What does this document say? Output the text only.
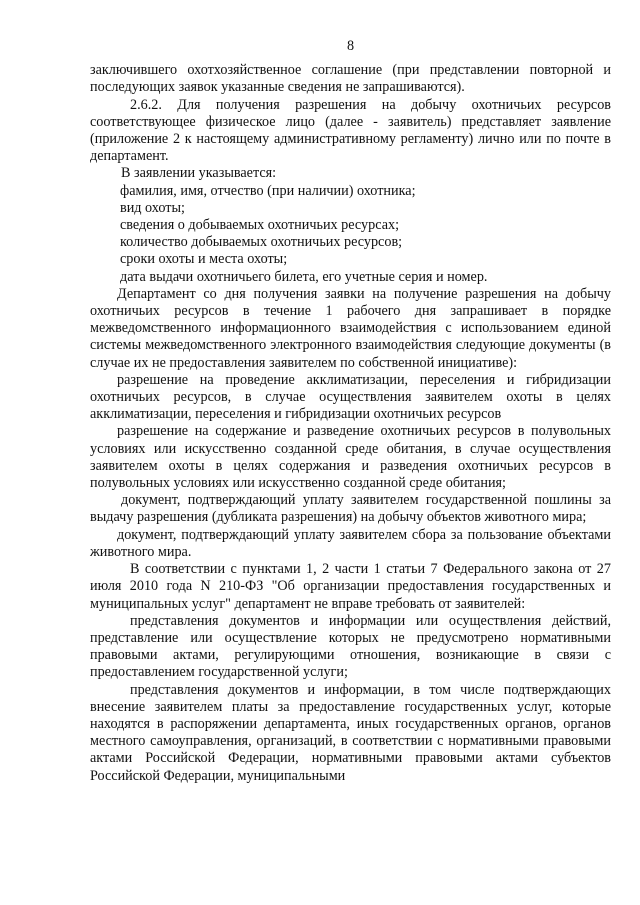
8

заключившего охотхозяйственное соглашение (при представлении повторной и последующих заявок указанные сведения не запрашиваются).

2.6.2. Для получения разрешения на добычу охотничьих ресурсов соответствующее физическое лицо (далее - заявитель) представляет заявление (приложение 2 к настоящему административному регламенту) лично или по почте в департамент.

В заявлении указывается:

фамилия, имя, отчество (при наличии) охотника;
вид охоты;
сведения о добываемых охотничьих ресурсах;
количество добываемых охотничьих ресурсов;
сроки охоты и места охоты;
дата выдачи охотничьего билета, его учетные серия и номер.

Департамент со дня получения заявки на получение разрешения на добычу охотничьих ресурсов в течение 1 рабочего дня запрашивает в порядке межведомственного информационного взаимодействия с использованием единой системы межведомственного электронного взаимодействия следующие документы (в случае их не предоставления заявителем по собственной инициативе):

разрешение на проведение акклиматизации, переселения и гибридизации охотничьих ресурсов, в случае осуществления заявителем охоты в целях акклиматизации, переселения и гибридизации охотничьих ресурсов

разрешение на содержание и разведение охотничьих ресурсов в полувольных условиях или искусственно созданной среде обитания, в случае осуществления заявителем охоты в целях содержания и разведения охотничьих ресурсов в полувольных условиях или искусственно созданной среде обитания;

документ, подтверждающий уплату заявителем государственной пошлины за выдачу разрешения (дубликата разрешения) на добычу объектов животного мира;

документ, подтверждающий уплату заявителем сбора за пользование объектами животного мира.

В соответствии с пунктами 1, 2 части 1 статьи 7 Федерального закона от 27 июля 2010 года N 210-ФЗ "Об организации предоставления государственных и муниципальных услуг" департамент не вправе требовать от заявителей:

представления документов и информации или осуществления действий, представление или осуществление которых не предусмотрено нормативными правовыми актами, регулирующими отношения, возникающие в связи с предоставлением государственной услуги;

представления документов и информации, в том числе подтверждающих внесение заявителем платы за предоставление государственных услуг, которые находятся в распоряжении департамента, иных государственных органов, органов местного самоуправления, организаций, в соответствии с нормативными правовыми актами Российской Федерации, нормативными правовыми актами субъектов Российской Федерации, муниципальными
